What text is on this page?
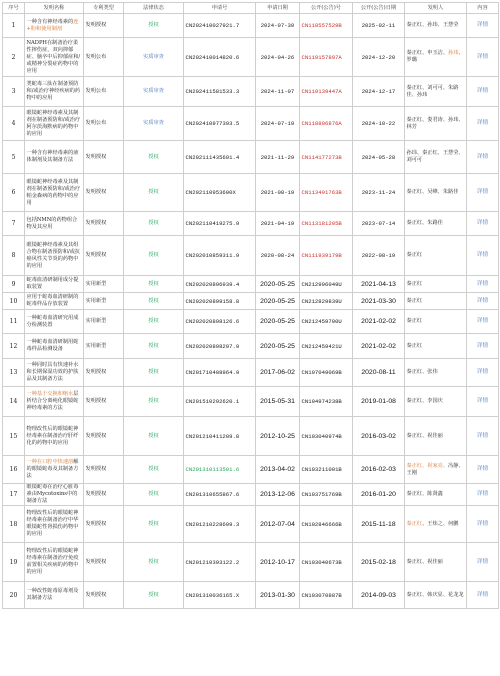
序号	发明名称	专利类型	法律状态	申请号	申请日期	公开(公告)号	公开(公告)日期	发明人	内容
1	一种含有神经毒素的连+粉和使用制剂	发明授权	授权	CN202410027921.7	2024-07-30	CN118557529B	2025-02-11	秦正红、孙玮、王慧莹	详情
2	NADPH在制备治疗柔性摔伤症，双向抑郁症、脑卒中后抑郁症和/或精神分裂症药物中的应用	发明公布	实质审查	CN202410014820.6	2024-04-26	CN119157897A	2024-12-20	秦正红、申玉洁、孙玮、罗璐	详情
3	类蛇毒三肽在制备预防和/或治疗神经疾病的药物中的应用	发明公布	实质审查	CN202411581533.3	2024-11-07	CN119139447A	2024-12-17	秦正红、刘可可、朱路佳、孙玮	详情
4	眼镜蛇神经毒素及其制剂在制备预防和/或治疗阿尔茨海默病的药物中的应用	发明公布	实质审查	CN202410977393.5	2024-07-19	CN118806876A	2024-10-22	秦正红、娄君涛、孙玮、林芳	详情
5	一种含有神经毒素的液体制剂及其制备方法	发明授权	授权	CN202111435691.4	2021-11-29	CN114177273B	2024-05-28	孙玮、秦正红、王慧莹、刘可可	详情
6	眼镜蛇神经毒素及其制剂在制备预防和/或治疗帕金森病的药物中的应用	发明授权	授权	CN202110953600X	2021-08-19	CN113491763B	2023-11-24	秦正红、吴峰、朱路佳	详情
7	包括NMN的药物组合物及其应用	发明授权	授权	CN202110419275.9	2021-04-19	CN113181205B	2023-07-14	秦正红、朱路佳	详情
8	眼镜蛇神经毒素及其组合物在制备预防和/或抗癌风性关节炎的药物中的应用	发明授权	授权	CN202010859311.9	2020-08-24	CN111939179B	2022-08-19	秦正红	详情
9	蛇毒血清研制用成分提取装置	实用新型	授权	CN202020896939.4	2020-05-25	CN212996049U	2021-04-13	秦正红	详情
10	应用于蛇毒血清研制的蛇毒样品存放装置	实用新型	授权	CN202020899158.8	2020-05-25	CN212829839U	2021-03-30	秦正红	详情
11	一种蛇毒血清研究用成分检测装置	实用新型	授权	CN202020898126.6	2020-05-25	CN212459700U	2021-02-02	秦正红	详情
12	一种蛇毒血清研制用蛇毒样品检测设备	实用新型	授权	CN202020898297.9	2020-05-25	CN212459421U	2021-02-02	秦正红	详情
13	一种同时具有快速补水和长期保湿功效的护肤品及其制备方法	发明授权	授权	CN201710408964.9	2017-06-02	CN107049069B	2020-08-11	秦正红、张伟	详情
14	一种基于交换和缩水层析结合分离纯化眼镜蛇神经毒素的方法	发明授权	授权	CN201510292620.1	2015-05-31	CN104974238B	2019-01-08	秦正红、李国庆	详情
15	物理改性后的眼镜蛇神经毒素在制备治疗肝纤化的药物中的应用	发明授权	授权	CN201210411209.8	2012-10-25	CN103040974B	2016-03-02	秦正红、祝佳丽	详情
16	一种在口腔中快速溶解的眼镜蛇毒及其制备方法	发明授权	授权	CN201310113501.6	2013-04-02	CN103211001B	2016-02-03	秦正红、祝家亮、冯静、王刚	详情
17	眼镜蛇毒在治疗心脏毒素由Mycotoxins中的制备方法	发明授权	授权	CN201310655867.6	2013-12-06	CN103751769B	2016-01-20	秦正红、陈贤鑫	详情
18	物理改性后的眼镜蛇神经毒素在制备治疗中华眼镜蛇性肾损伤药物中的应用	发明授权	授权	CN201210228609.3	2012-07-04	CN102846666B	2015-11-18	秦正红、王炜之、何鹏	详情
19	物理改性后的眼镜蛇神经毒素在制备治疗免疫前置相关疾病的药物中的应用	发明授权	授权	CN201210393122.2	2012-10-17	CN103040673B	2015-02-18	秦正红、祝佳丽	详情
20	一种改性蛇毒原毒剂及其制备方法	发明授权	授权	CN201310036165.X	2013-01-30	CN103070887B	2014-09-03	秦正红、韩庆显、花龙龙	详情
